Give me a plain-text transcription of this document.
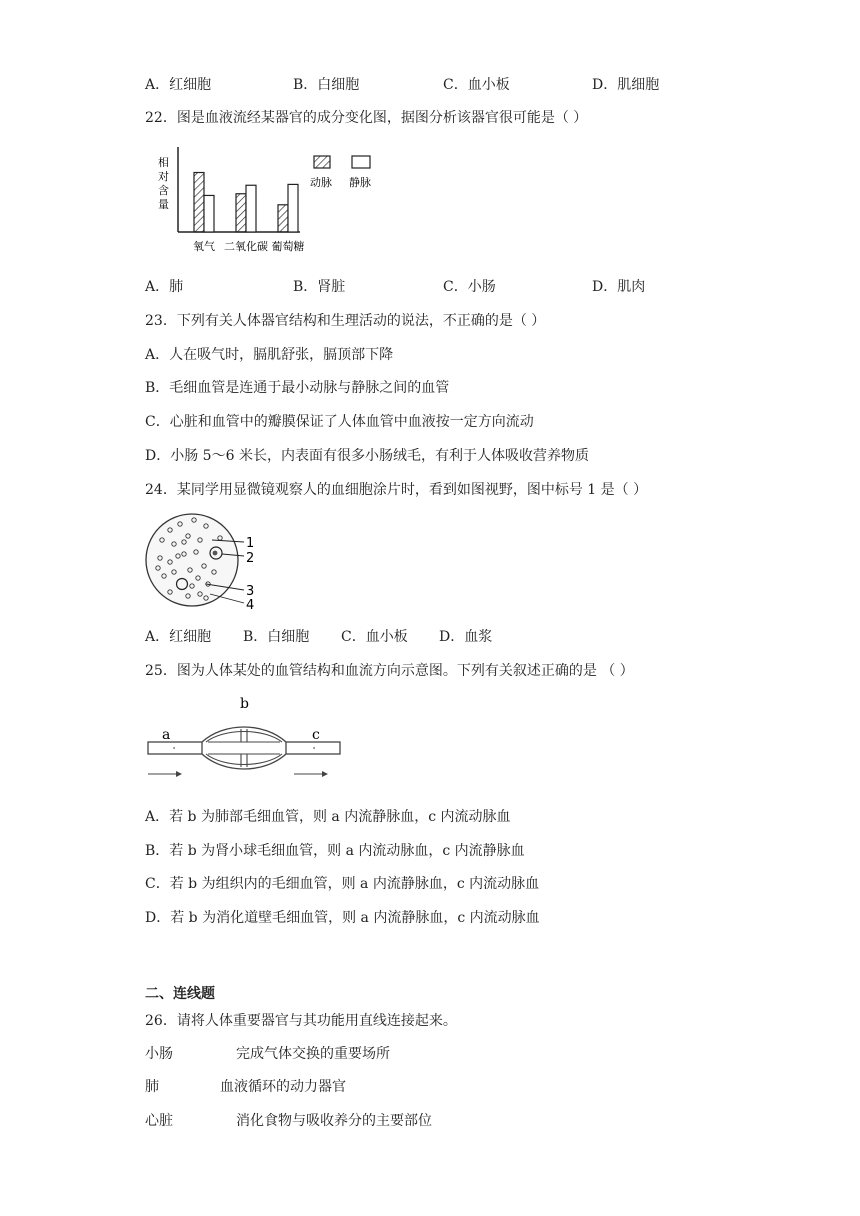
A．红细胞	B．白细胞	C．血小板	D．肌细胞
22．图是血液流经某器官的成分变化图，据图分析该器官很可能是（ ）
相
对
含
量
氧气 二氧化碳 葡萄糖
动脉 静脉
A．肺	B．肾脏	C．小肠	D．肌肉
23．下列有关人体器官结构和生理活动的说法，不正确的是（ ）
A．人在吸气时，膈肌舒张，膈顶部下降
B．毛细血管是连通于最小动脉与静脉之间的血管
C．心脏和血管中的瓣膜保证了人体血管中血液按一定方向流动
D．小肠 5～6 米长，内表面有很多小肠绒毛，有利于人体吸收营养物质
24．某同学用显微镜观察人的血细胞涂片时，看到如图视野，图中标号 1 是（ ）
1
2
3
4
A．红细胞 B．白细胞 C．血小板 D．血浆
25．图为人体某处的血管结构和血流方向示意图。下列有关叙述正确的是 （ ）
a
b
c
A．若 b 为肺部毛细血管，则 a 内流静脉血，c 内流动脉血
B．若 b 为肾小球毛细血管，则 a 内流动脉血，c 内流静脉血
C．若 b 为组织内的毛细血管，则 a 内流静脉血，c 内流动脉血
D．若 b 为消化道壁毛细血管，则 a 内流静脉血，c 内流动脉血
二、连线题
26．请将人体重要器官与其功能用直线连接起来。
小肠	完成气体交换的重要场所
肺	血液循环的动力器官
心脏	消化食物与吸收养分的主要部位
